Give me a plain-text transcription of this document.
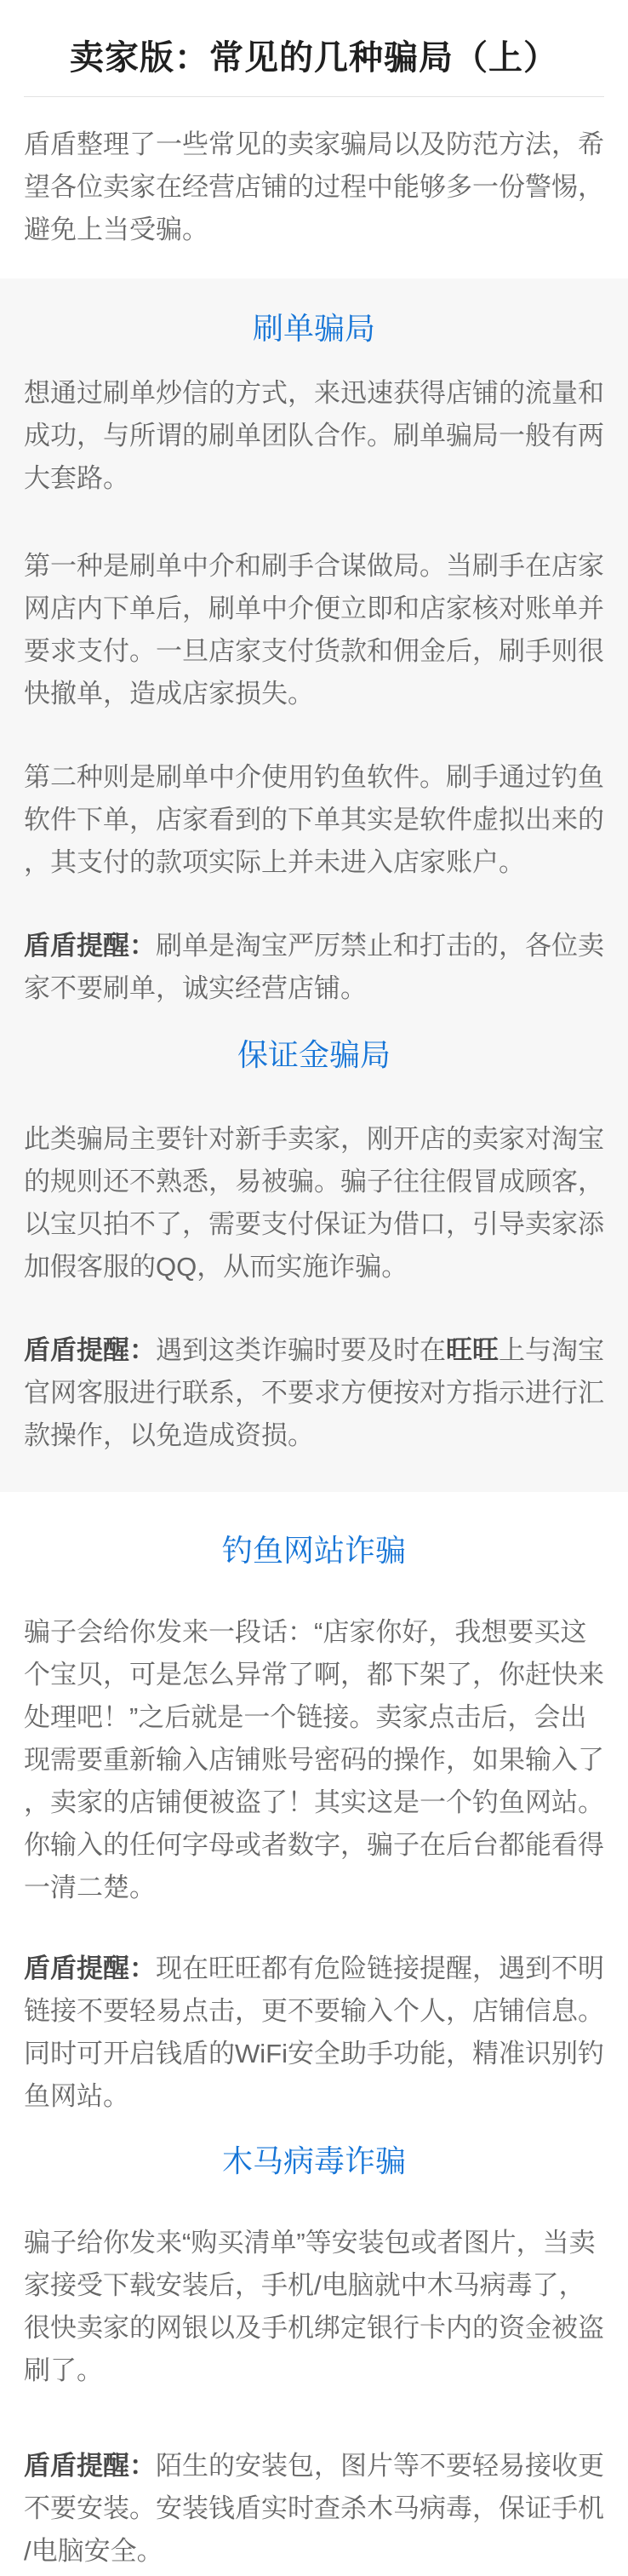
卖家版：常见的几种骗局（上）

盾盾整理了一些常见的卖家骗局以及防范方法，希望各位卖家在经营店铺的过程中能够多一份警惕，避免上当受骗。

刷单骗局

想通过刷单炒信的方式，来迅速获得店铺的流量和成功，与所谓的刷单团队合作。刷单骗局一般有两大套路。

第一种是刷单中介和刷手合谋做局。当刷手在店家网店内下单后，刷单中介便立即和店家核对账单并要求支付。一旦店家支付货款和佣金后，刷手则很快撤单，造成店家损失。

第二种则是刷单中介使用钓鱼软件。刷手通过钓鱼软件下单，店家看到的下单其实是软件虚拟出来的，其支付的款项实际上并未进入店家账户。

盾盾提醒：刷单是淘宝严厉禁止和打击的，各位卖家不要刷单，诚实经营店铺。

保证金骗局

此类骗局主要针对新手卖家，刚开店的卖家对淘宝的规则还不熟悉，易被骗。骗子往往假冒成顾客，以宝贝拍不了，需要支付保证为借口，引导卖家添加假客服的QQ，从而实施诈骗。

盾盾提醒：遇到这类诈骗时要及时在旺旺上与淘宝官网客服进行联系，不要求方便按对方指示进行汇款操作，以免造成资损。

钓鱼网站诈骗

骗子会给你发来一段话：“店家你好，我想要买这个宝贝，可是怎么异常了啊，都下架了，你赶快来处理吧！”之后就是一个链接。卖家点击后，会出现需要重新输入店铺账号密码的操作，如果输入了，卖家的店铺便被盗了！其实这是一个钓鱼网站。你输入的任何字母或者数字，骗子在后台都能看得一清二楚。

盾盾提醒：现在旺旺都有危险链接提醒，遇到不明链接不要轻易点击，更不要输入个人，店铺信息。同时可开启钱盾的WiFi安全助手功能，精准识别钓鱼网站。

木马病毒诈骗

骗子给你发来“购买清单”等安装包或者图片，当卖家接受下载安装后，手机/电脑就中木马病毒了，很快卖家的网银以及手机绑定银行卡内的资金被盗刷了。

盾盾提醒：陌生的安装包，图片等不要轻易接收更不要安装。安装钱盾实时查杀木马病毒，保证手机/电脑安全。
